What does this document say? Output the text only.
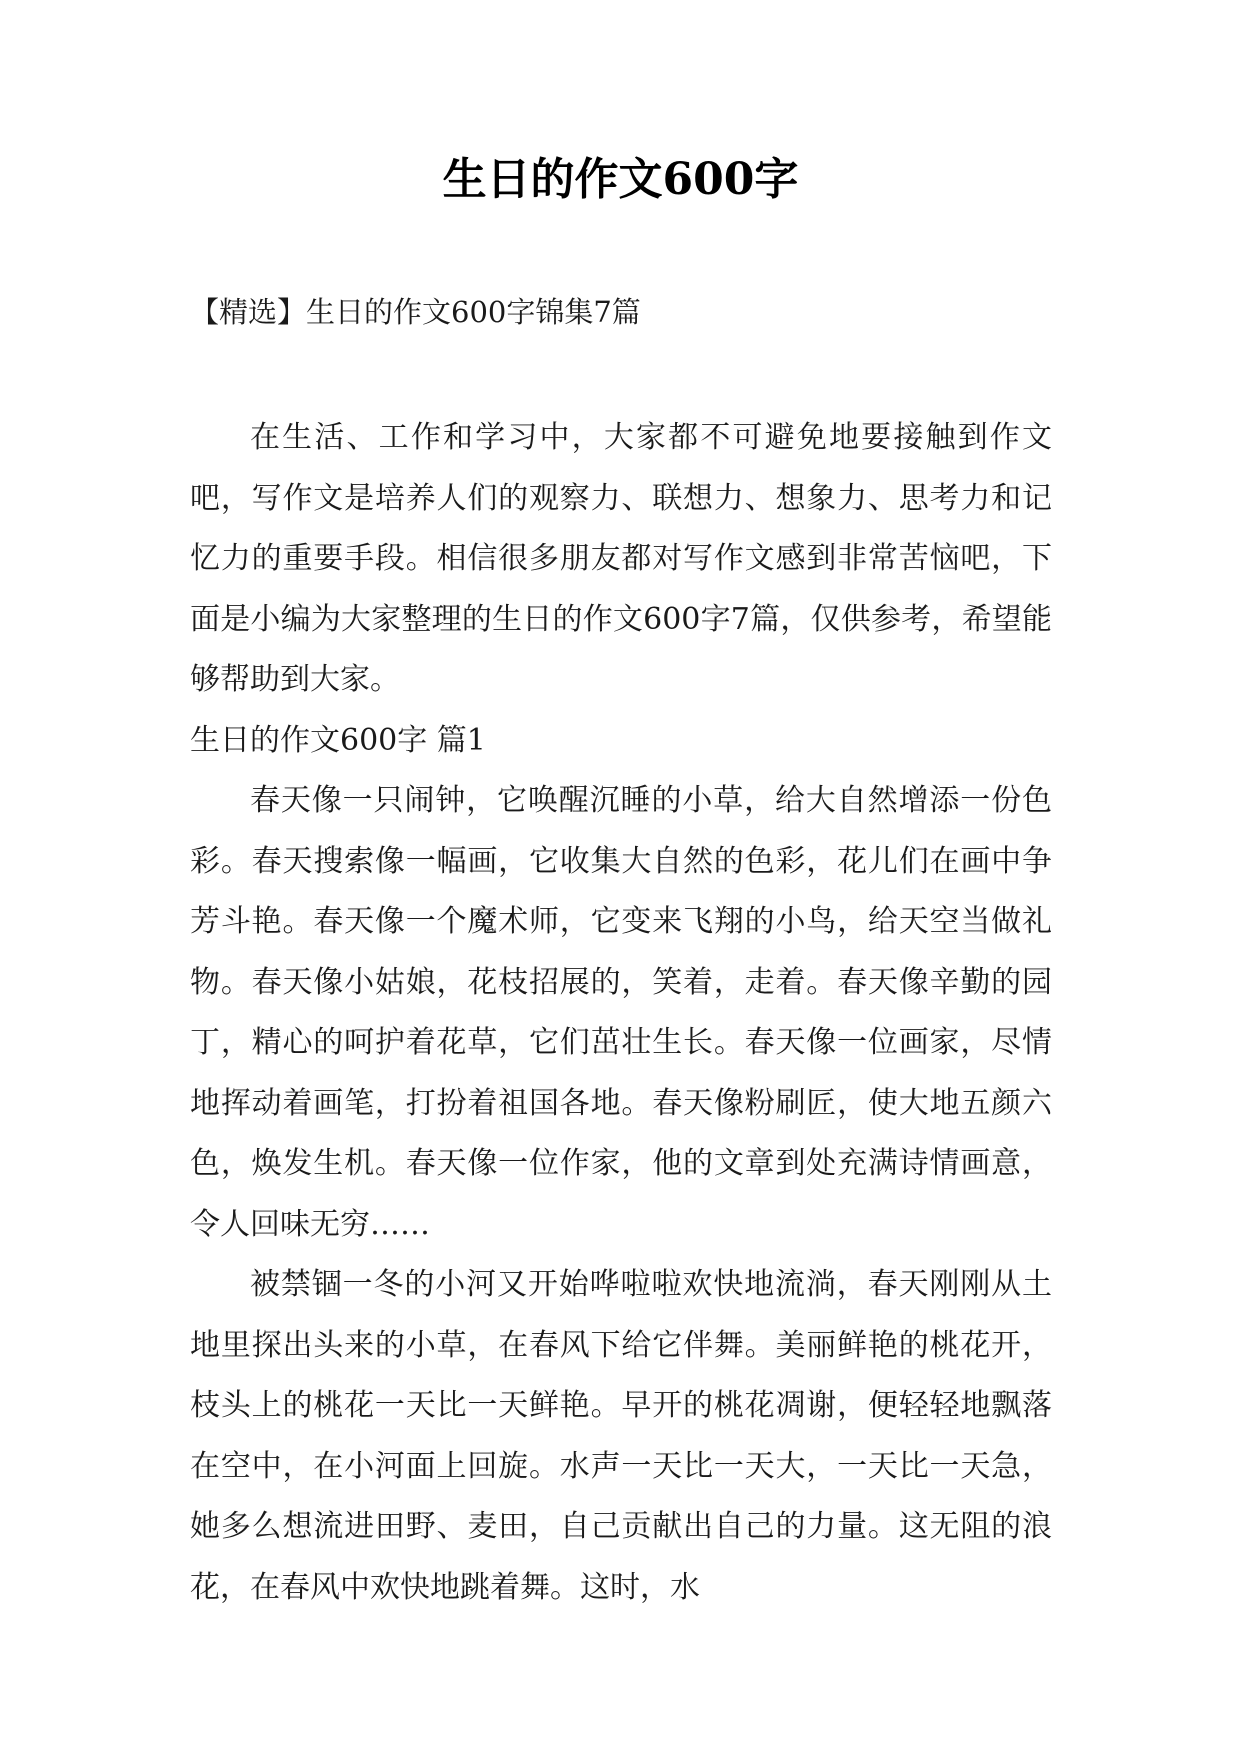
生日的作文600字
【精选】生日的作文600字锦集7篇

在生活、工作和学习中，大家都不可避免地要接触到作文吧，写作文是培养人们的观察力、联想力、想象力、思考力和记忆力的重要手段。相信很多朋友都对写作文感到非常苦恼吧，下面是小编为大家整理的生日的作文600字7篇，仅供参考，希望能够帮助到大家。

生日的作文600字 篇1

春天像一只闹钟，它唤醒沉睡的小草，给大自然增添一份色彩。春天搜索像一幅画，它收集大自然的色彩，花儿们在画中争芳斗艳。春天像一个魔术师，它变来飞翔的小鸟，给天空当做礼物。春天像小姑娘，花枝招展的，笑着，走着。春天像辛勤的园丁，精心的呵护着花草，它们茁壮生长。春天像一位画家，尽情地挥动着画笔，打扮着祖国各地。春天像粉刷匠，使大地五颜六色，焕发生机。春天像一位作家，他的文章到处充满诗情画意，令人回味无穷……

被禁锢一冬的小河又开始哗啦啦欢快地流淌，春天刚刚从土地里探出头来的小草，在春风下给它伴舞。美丽鲜艳的桃花开，枝头上的桃花一天比一天鲜艳。早开的桃花凋谢，便轻轻地飘落在空中，在小河面上回旋。水声一天比一天大，一天比一天急，她多么想流进田野、麦田，自己贡献出自己的力量。这无阻的浪花，在春风中欢快地跳着舞。这时，水
